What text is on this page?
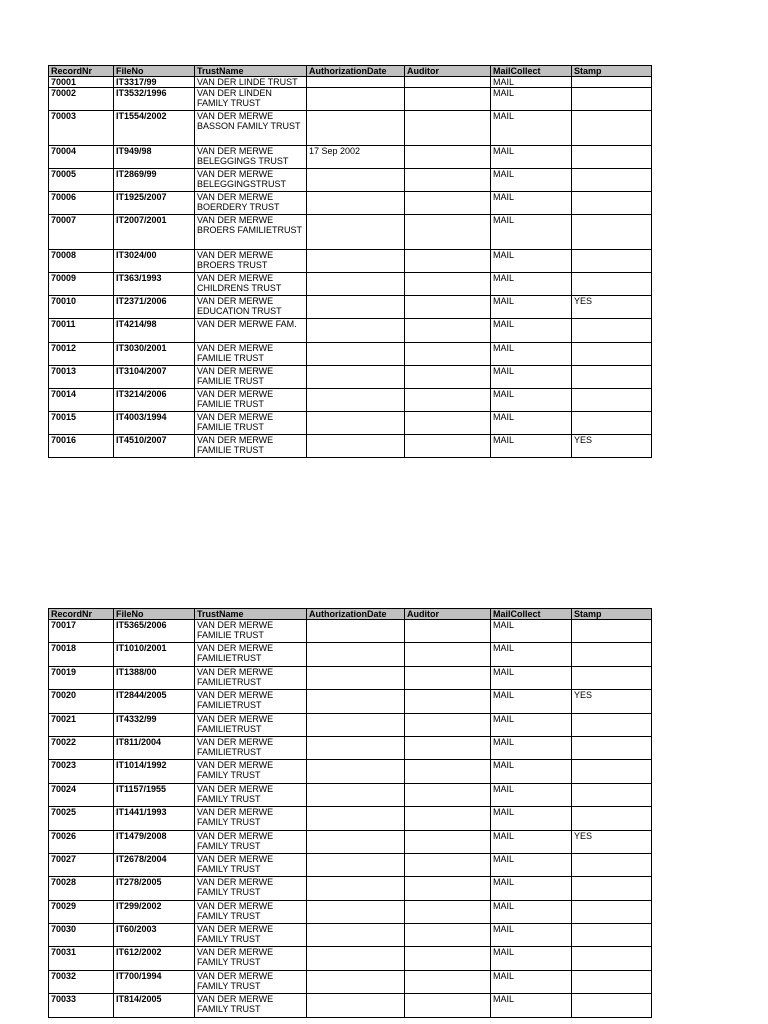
RecordNr	FileNo	TrustName	AuthorizationDate	Auditor	MailCollect	Stamp
70001	IT3317/99	VAN DER LINDE TRUST			MAIL	
70002	IT3532/1996	VAN DER LINDEN FAMILY TRUST			MAIL	
70003	IT1554/2002	VAN DER MERWE BASSON FAMILY TRUST			MAIL	
70004	IT949/98	VAN DER MERWE BELEGGINGS TRUST	17 Sep 2002		MAIL	
70005	IT2869/99	VAN DER MERWE BELEGGINGSTRUST			MAIL	
70006	IT1925/2007	VAN DER MERWE BOERDERY TRUST			MAIL	
70007	IT2007/2001	VAN DER MERWE BROERS FAMILIETRUST			MAIL	
70008	IT3024/00	VAN DER MERWE BROERS TRUST			MAIL	
70009	IT363/1993	VAN DER MERWE CHILDRENS TRUST			MAIL	
70010	IT2371/2006	VAN DER MERWE EDUCATION TRUST			MAIL	YES
70011	IT4214/98	VAN DER MERWE FAM.			MAIL	
70012	IT3030/2001	VAN DER MERWE FAMILIE TRUST			MAIL	
70013	IT3104/2007	VAN DER MERWE FAMILIE TRUST			MAIL	
70014	IT3214/2006	VAN DER MERWE FAMILIE TRUST			MAIL	
70015	IT4003/1994	VAN DER MERWE FAMILIE TRUST			MAIL	
70016	IT4510/2007	VAN DER MERWE FAMILIE TRUST			MAIL	YES
RecordNr	FileNo	TrustName	AuthorizationDate	Auditor	MailCollect	Stamp
70017	IT5365/2006	VAN DER MERWE FAMILIE TRUST			MAIL	
70018	IT1010/2001	VAN DER MERWE FAMILIETRUST			MAIL	
70019	IT1388/00	VAN DER MERWE FAMILIETRUST			MAIL	
70020	IT2844/2005	VAN DER MERWE FAMILIETRUST			MAIL	YES
70021	IT4332/99	VAN DER MERWE FAMILIETRUST			MAIL	
70022	IT811/2004	VAN DER MERWE FAMILIETRUST			MAIL	
70023	IT1014/1992	VAN DER MERWE FAMILY TRUST			MAIL	
70024	IT1157/1955	VAN DER MERWE FAMILY TRUST			MAIL	
70025	IT1441/1993	VAN DER MERWE FAMILY TRUST			MAIL	
70026	IT1479/2008	VAN DER MERWE FAMILY TRUST			MAIL	YES
70027	IT2678/2004	VAN DER MERWE FAMILY TRUST			MAIL	
70028	IT278/2005	VAN DER MERWE FAMILY TRUST			MAIL	
70029	IT299/2002	VAN DER MERWE FAMILY TRUST			MAIL	
70030	IT60/2003	VAN DER MERWE FAMILY TRUST			MAIL	
70031	IT612/2002	VAN DER MERWE FAMILY TRUST			MAIL	
70032	IT700/1994	VAN DER MERWE FAMILY TRUST			MAIL	
70033	IT814/2005	VAN DER MERWE FAMILY TRUST			MAIL	
